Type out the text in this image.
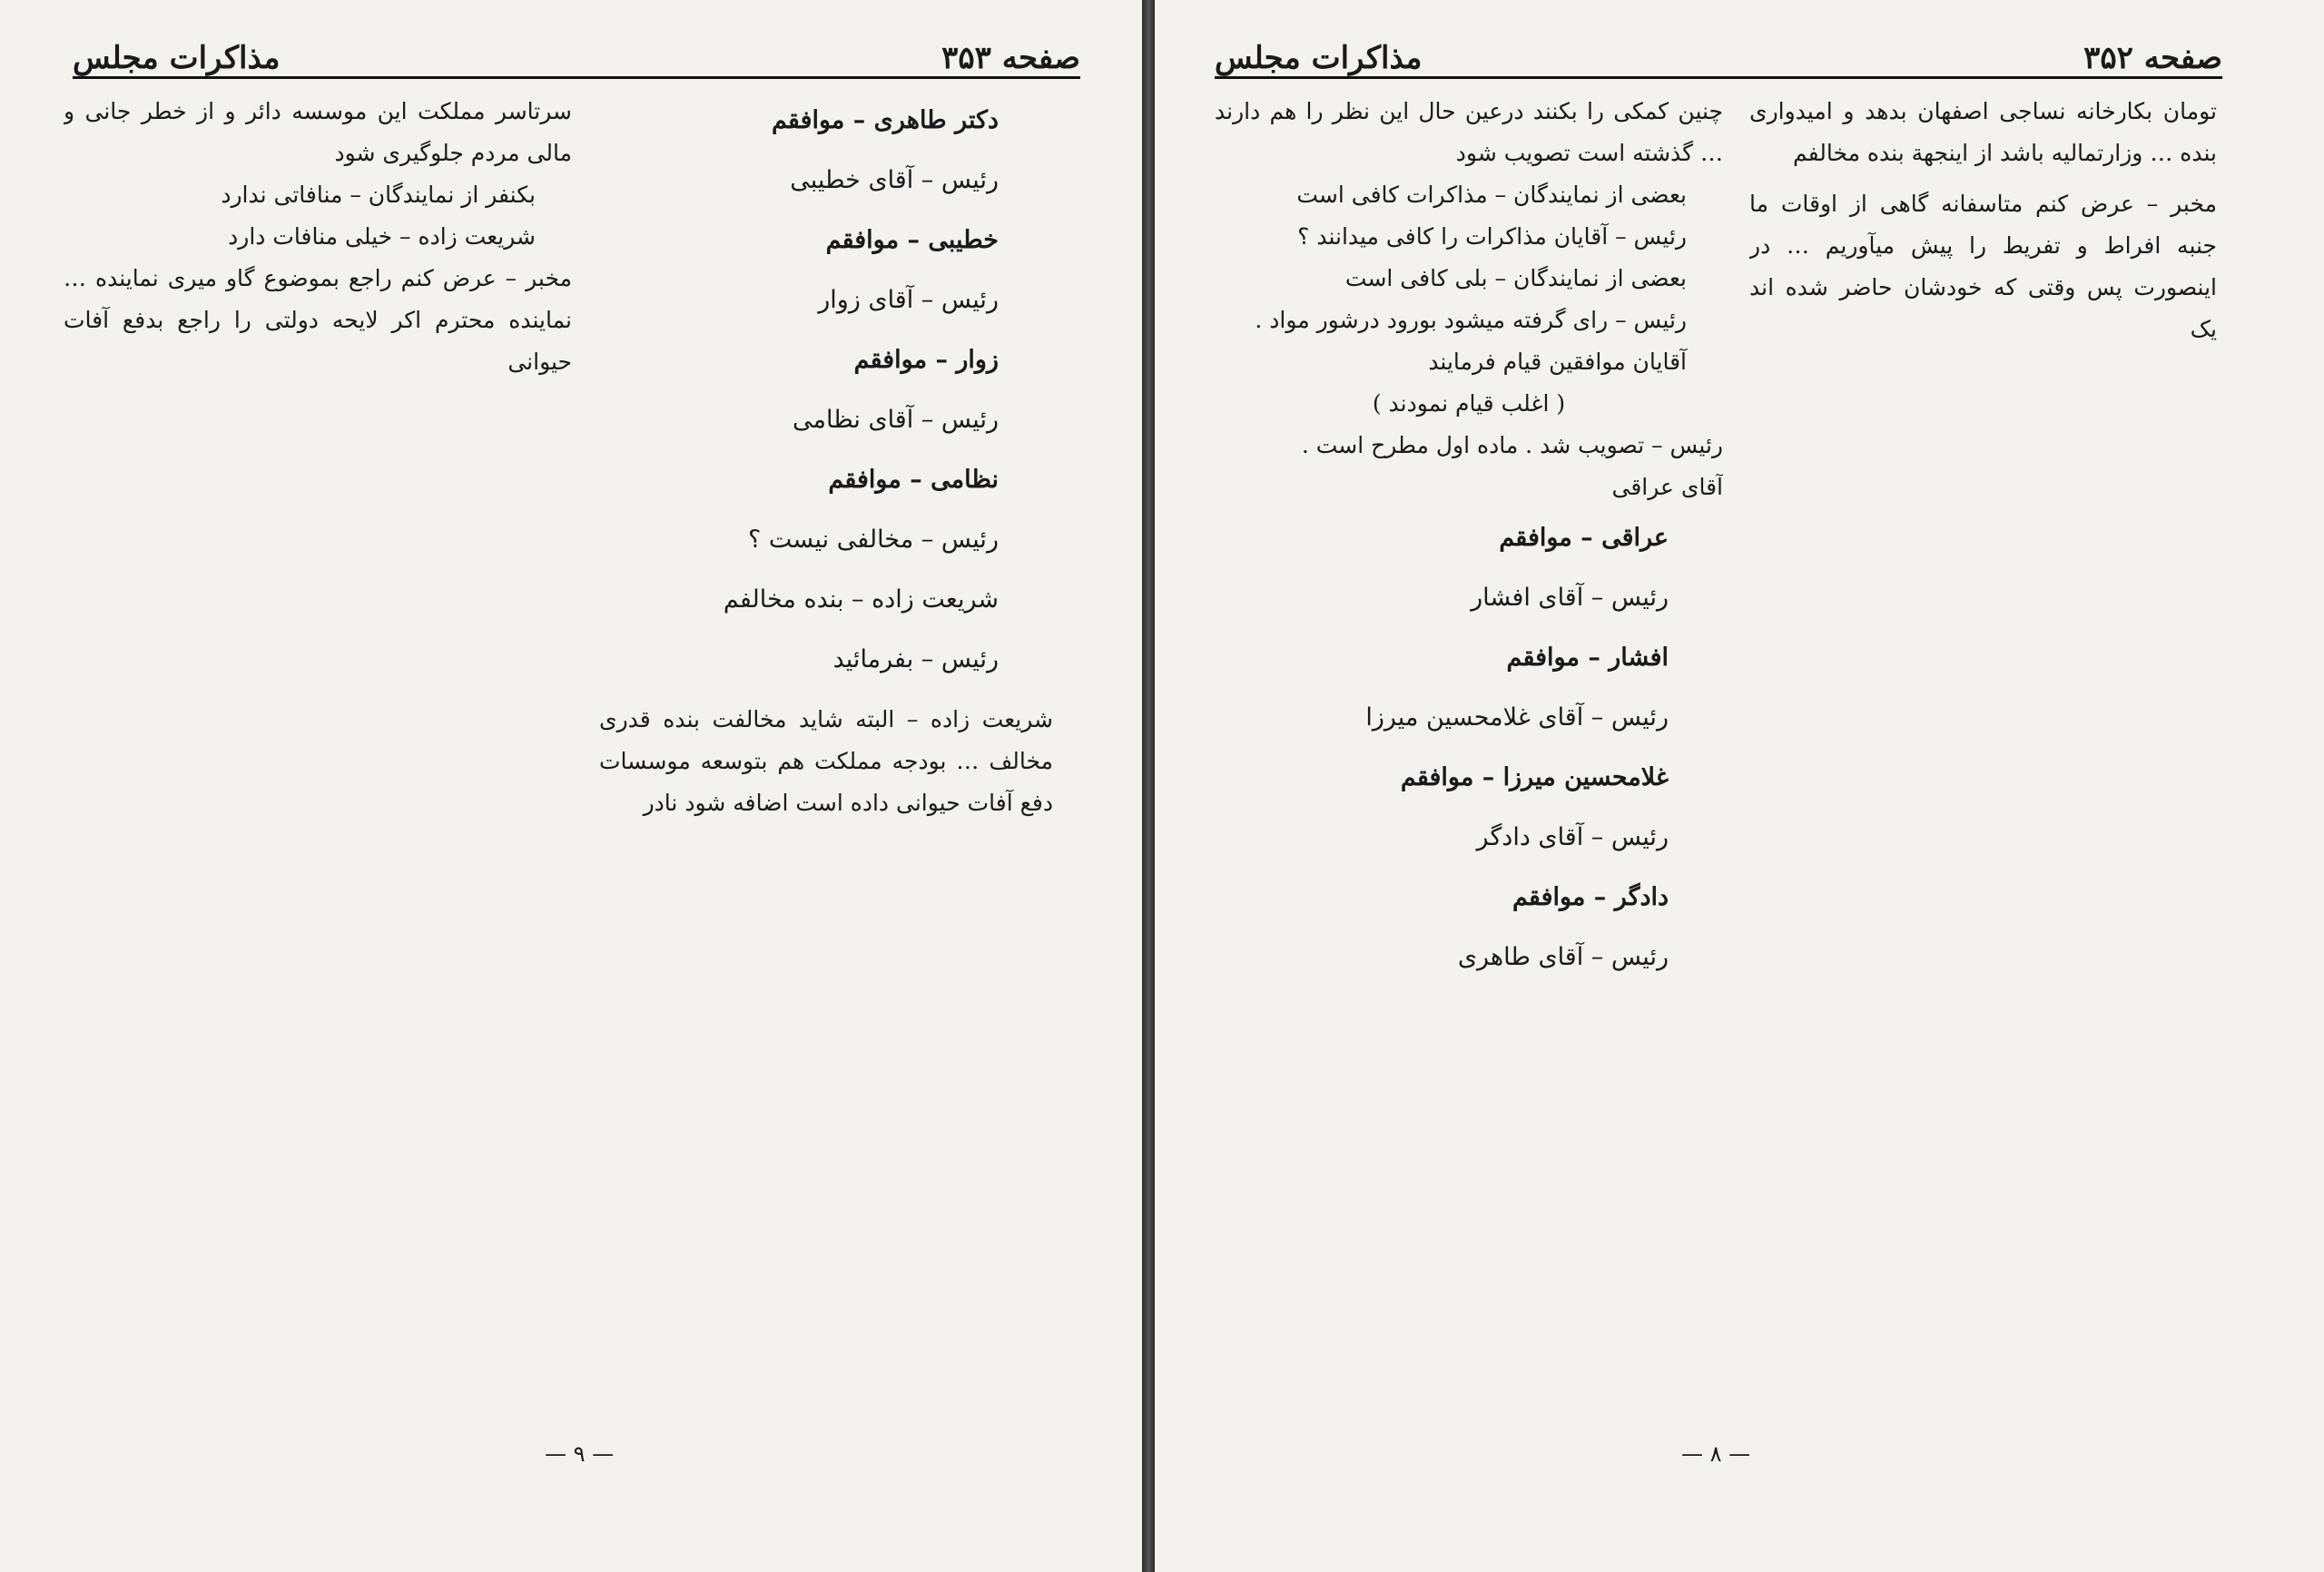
صفحه ۳۵۳
مذاکرات مجلس
دکتر طاهری – موافقم
رئیس – آقای خطیبی
خطیبی – موافقم
رئیس – آقای زوار
زوار – موافقم
رئیس – آقای نظامی
نظامی – موافقم
رئیس – مخالفی نیست ؟
شریعت زاده – بنده مخالفم
رئیس – بفرمائید

شریعت زاده – البته شاید مخالفت بنده قدری مخالف … بودجه مملکت هم بتوسعه موسسات دفع آفات حیوانی داده است اضافه شود نادر

سرتاسر مملکت این موسسه دائر و از خطر جانی و مالی مردم جلوگیری شود

بکنفر از نمایندگان – منافاتی ندارد
شریعت زاده – خیلی منافات دارد

مخبر – عرض کنم راجع بموضوع گاو میری نماینده … نماینده محترم اکر لایحه دولتی را راجع بدفع آفات حیوانی

— ۹ —
صفحه ۳۵۲
مذاکرات مجلس

تومان بکارخانه نساجی اصفهان بدهد و امیدواری بنده … وزارتمالیه باشد از اینجهة بنده مخالفم

مخبر – عرض کنم متاسفانه گاهی از اوقات ما جنبه افراط و تفریط را پیش میآوریم … در اینصورت پس وقتی که خودشان حاضر شده اند یک

چنین کمکی را بکنند درعین حال این نظر را هم دارند … گذشته است تصویب شود

بعضی از نمایندگان – مذاکرات کافی است
رئیس – آقایان مذاکرات را کافی میدانند ؟
بعضی از نمایندگان – بلی کافی است
رئیس – رای گرفته میشود بورود درشور مواد .
آقایان موافقین قیام فرمایند
( اغلب قیام نمودند )
رئیس – تصویب شد . ماده اول مطرح است .
آقای عراقی
عراقی – موافقم
رئیس – آقای افشار
افشار – موافقم
رئیس – آقای غلامحسین میرزا
غلامحسین میرزا – موافقم
رئیس – آقای دادگر
دادگر – موافقم
رئیس – آقای طاهری
— ۸ —
